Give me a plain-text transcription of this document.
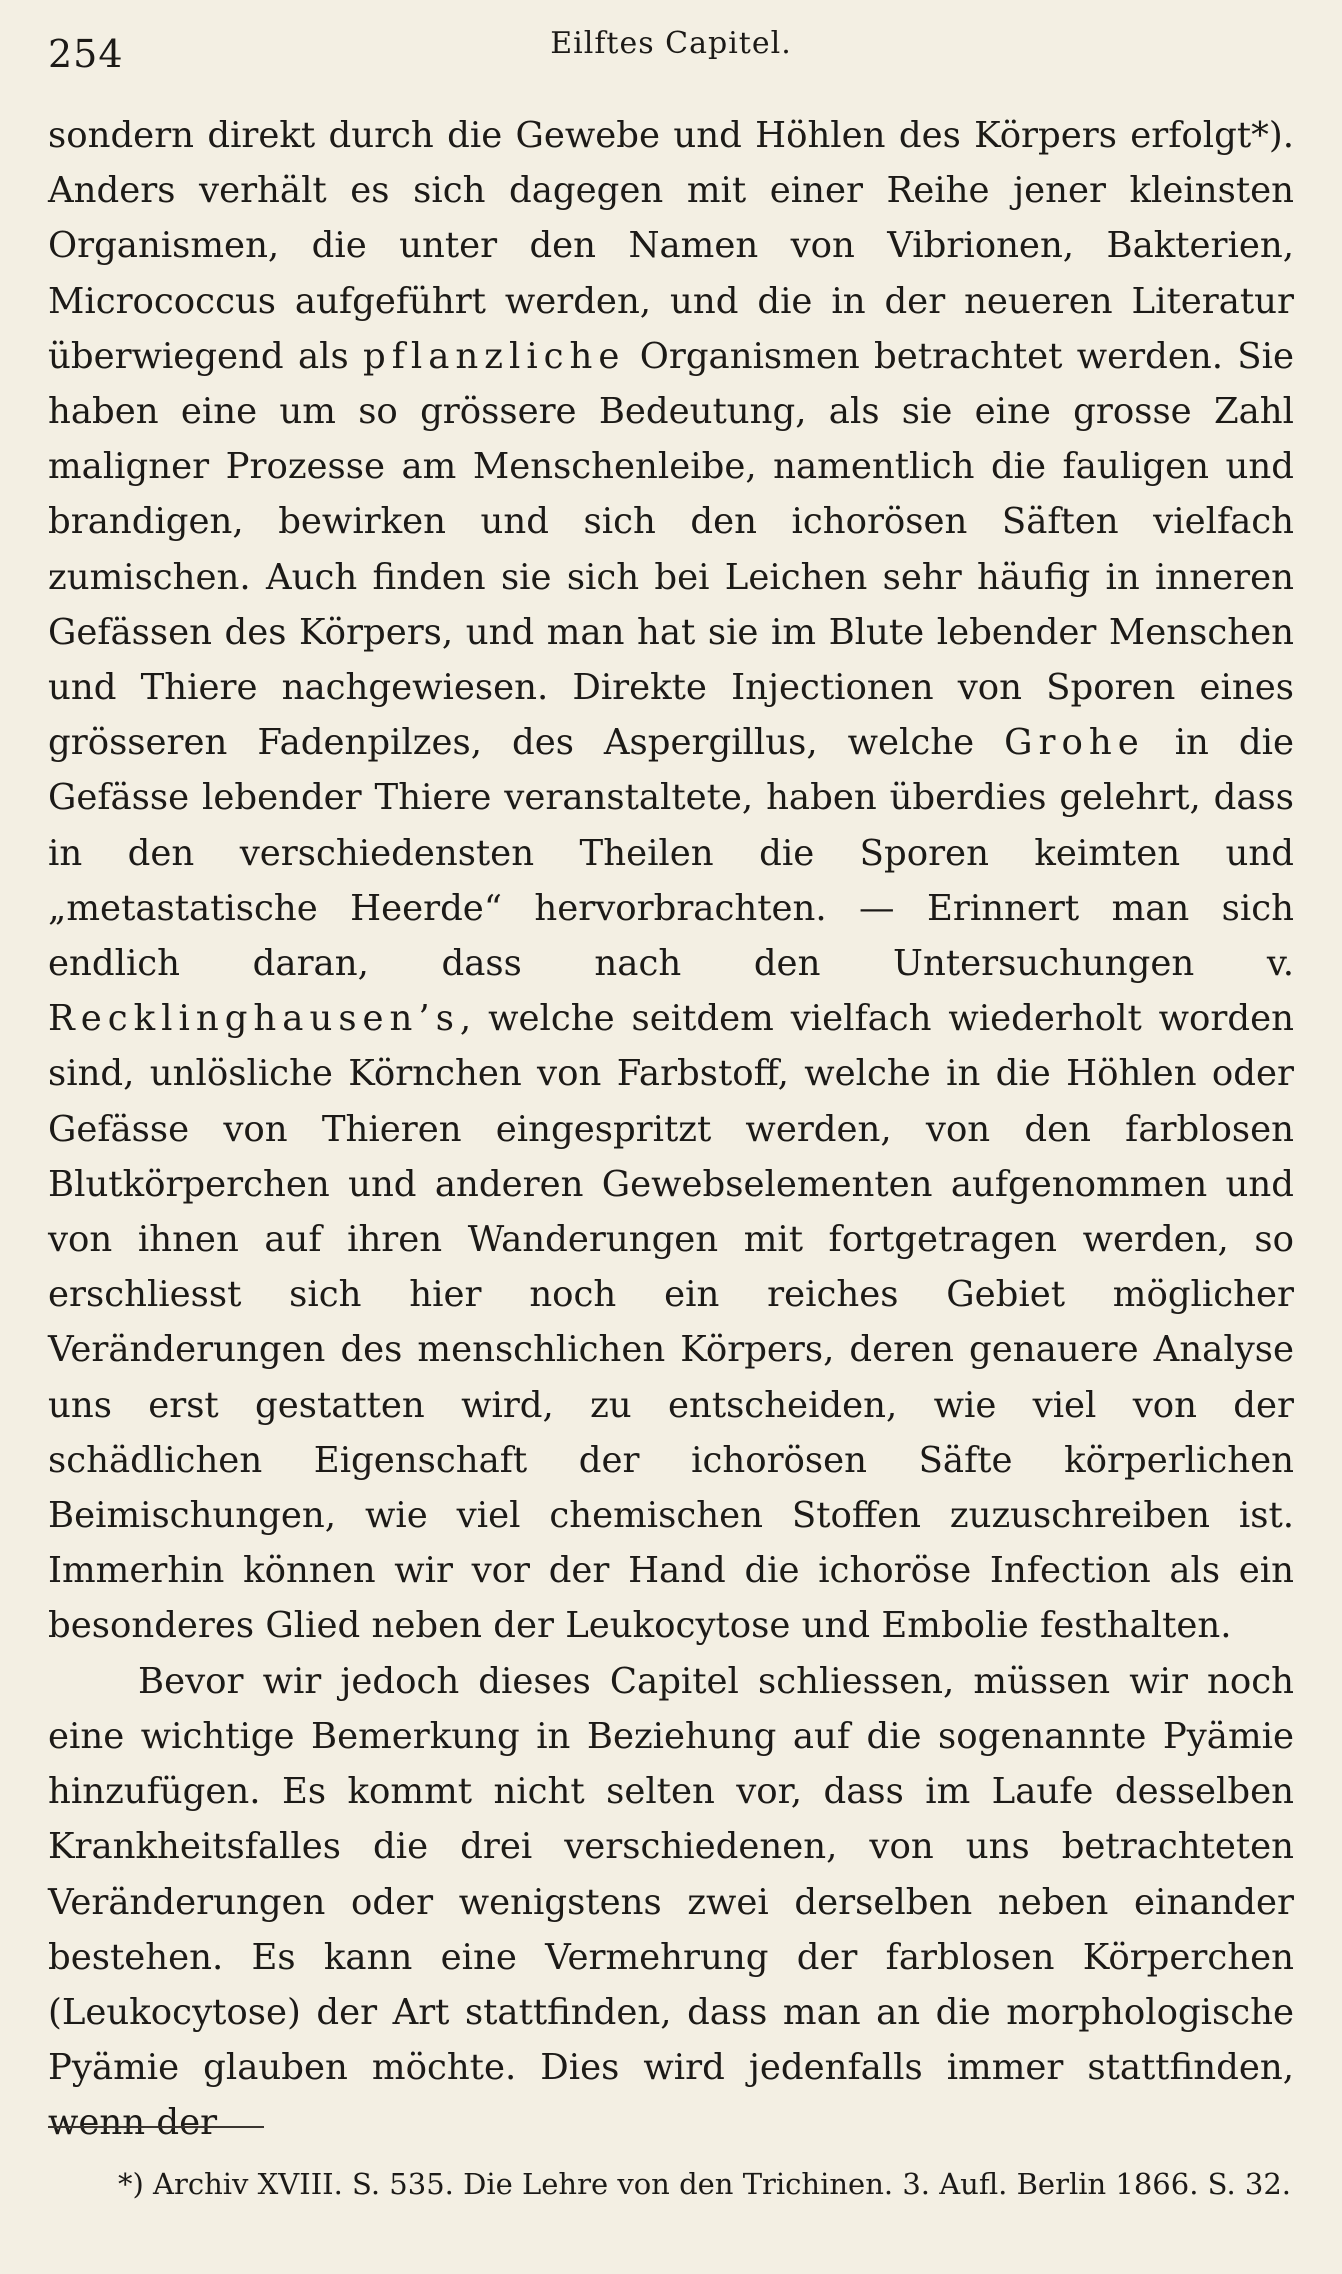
254	Eilftes Capitel.

sondern direkt durch die Gewebe und Höhlen des Körpers erfolgt*). Anders verhält es sich dagegen mit einer Reihe jener kleinsten Organismen, die unter den Namen von Vibrionen, Bakterien, Micrococcus aufgeführt werden, und die in der neueren Literatur überwiegend als pflanzliche Organismen betrachtet werden. Sie haben eine um so grössere Bedeutung, als sie eine grosse Zahl maligner Prozesse am Menschenleibe, namentlich die fauligen und brandigen, bewirken und sich den ichorösen Säften vielfach zumischen. Auch finden sie sich bei Leichen sehr häufig in inneren Gefässen des Körpers, und man hat sie im Blute lebender Menschen und Thiere nachgewiesen. Direkte Injectionen von Sporen eines grösseren Fadenpilzes, des Aspergillus, welche Grohe in die Gefässe lebender Thiere veranstaltete, haben überdies gelehrt, dass in den verschiedensten Theilen die Sporen keimten und „metastatische Heerde“ hervorbrachten. — Erinnert man sich endlich daran, dass nach den Untersuchungen v. Recklinghausen’s, welche seitdem vielfach wiederholt worden sind, unlösliche Körnchen von Farbstoff, welche in die Höhlen oder Gefässe von Thieren eingespritzt werden, von den farblosen Blutkörperchen und anderen Gewebselementen aufgenommen und von ihnen auf ihren Wanderungen mit fortgetragen werden, so erschliesst sich hier noch ein reiches Gebiet möglicher Veränderungen des menschlichen Körpers, deren genauere Analyse uns erst gestatten wird, zu entscheiden, wie viel von der schädlichen Eigenschaft der ichorösen Säfte körperlichen Beimischungen, wie viel chemischen Stoffen zuzuschreiben ist. Immerhin können wir vor der Hand die ichoröse Infection als ein besonderes Glied neben der Leukocytose und Embolie festhalten.

Bevor wir jedoch dieses Capitel schliessen, müssen wir noch eine wichtige Bemerkung in Beziehung auf die sogenannte Pyämie hinzufügen. Es kommt nicht selten vor, dass im Laufe desselben Krankheitsfalles die drei verschiedenen, von uns betrachteten Veränderungen oder wenigstens zwei derselben neben einander bestehen. Es kann eine Vermehrung der farblosen Körperchen (Leukocytose) der Art stattfinden, dass man an die morphologische Pyämie glauben möchte. Dies wird jedenfalls immer stattfinden, wenn der

*) Archiv XVIII. S. 535. Die Lehre von den Trichinen. 3. Aufl. Berlin 1866. S. 32.
